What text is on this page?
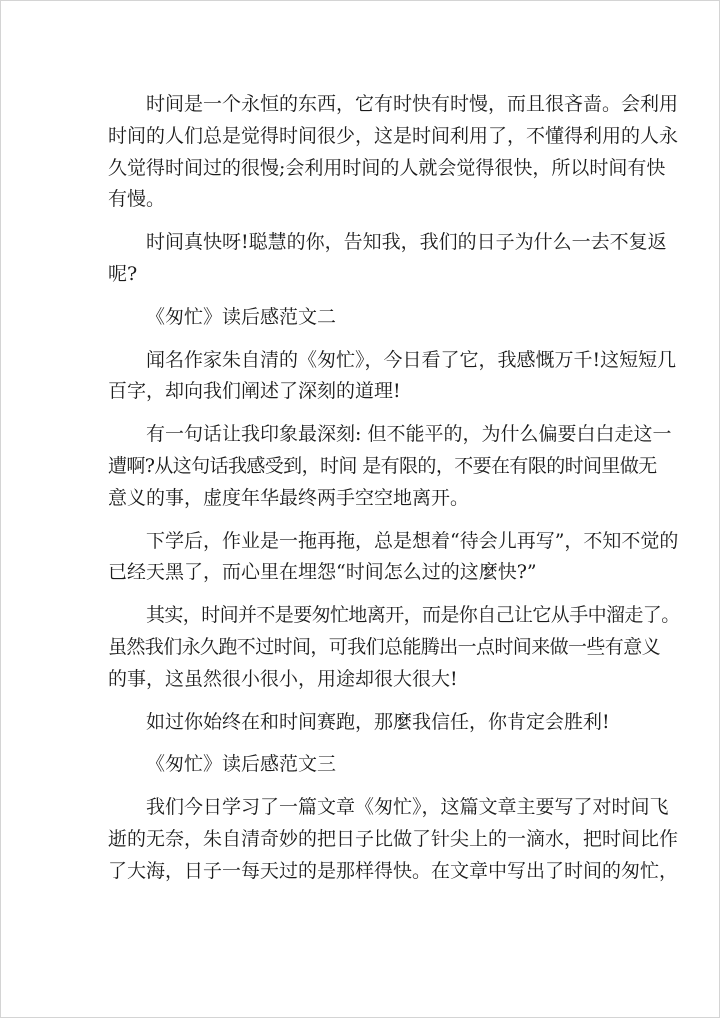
时间是一个永恒的东西，它有时快有时慢，而且很吝啬。会利用
时间的人们总是觉得时间很少，这是时间利用了，不懂得利用的人永
久觉得时间过的很慢;会利用时间的人就会觉得很快，所以时间有快
有慢。
时间真快呀!聪慧的你，告知我，我们的日子为什么一去不复返
呢?
《匆忙》读后感范文二
闻名作家朱自清的《匆忙》，今日看了它，我感慨万千!这短短几
百字，却向我们阐述了深刻的道理!
有一句话让我印象最深刻: 但不能平的，为什么偏要白白走这一
遭啊?从这句话我感受到，时间 是有限的，不要在有限的时间里做无
意义的事，虚度年华最终两手空空地离开。
下学后，作业是一拖再拖，总是想着“待会儿再写”，不知不觉的
已经天黑了，而心里在埋怨“时间怎么过的这麼快?”
其实，时间并不是要匆忙地离开，而是你自己让它从手中溜走了。
虽然我们永久跑不过时间，可我们总能腾出一点时间来做一些有意义
的事，这虽然很小很小，用途却很大很大!
如过你始终在和时间赛跑，那麼我信任，你肯定会胜利!
《匆忙》读后感范文三
我们今日学习了一篇文章《匆忙》，这篇文章主要写了对时间飞
逝的无奈，朱自清奇妙的把日子比做了针尖上的一滴水，把时间比作
了大海，日子一每天过的是那样得快。在文章中写出了时间的匆忙，
